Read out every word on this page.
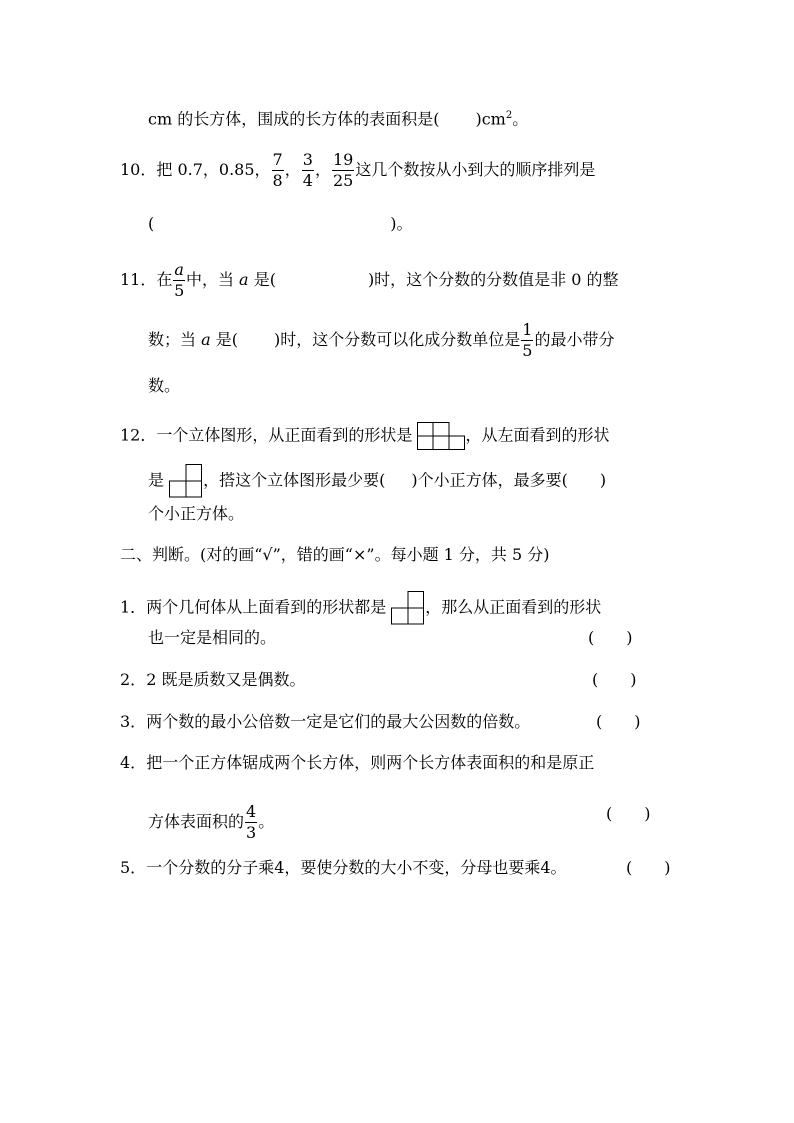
cm 的长方体，围成的长方体的表面积是( )$cm^2$。
10．把 0.7，0.85， $\frac{7}{8}$ ， $\frac{3}{4}$ ， $\frac{19}{25}$ 这几个数按从小到大的顺序排列是
(	)。
11．在 $\frac{a}{5}$ 中，当 a 是(	)时，这个分数的分数值是非 0 的整
数；当 a 是( )时，这个分数可以化成分数单位是 $\frac{1}{5}$ 的最小带分
数。
12．一个立体图形，从正面看到的形状是	，从左面看到的形状
是 ，搭这个立体图形最少要( )个小正方体，最多要( )
个小正方体。
二、判断。(对的画“√”，错的画“×”。每小题 1 分，共 5 分)
1．两个几何体从上面看到的形状都是 ，那么从正面看到的形状
也一定是相同的。	(　　)
2．2 既是质数又是偶数。	(　　)
3．两个数的最小公倍数一定是它们的最大公因数的倍数。	(　　)
4．把一个正方体锯成两个长方体，则两个长方体表面积的和是原正
方体表面积的 $\frac{4}{3}$ 。	(　　)
5．一个分数的分子乘4，要使分数的大小不变，分母也要乘4。	(　　)
